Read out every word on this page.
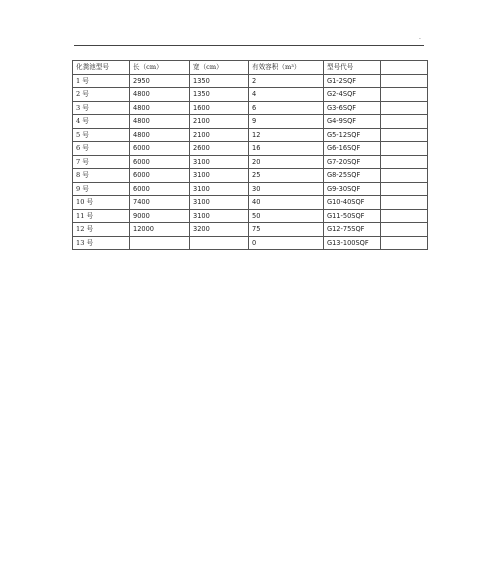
·
化粪池型号	长（cm）	宽（cm）	有效容积（m³）	型号代号	
1 号	2950	1350	2	G1-2SQF	
2 号	4800	1350	4	G2-4SQF	
3 号	4800	1600	6	G3-6SQF	
4 号	4800	2100	9	G4-9SQF	
5 号	4800	2100	12	G5-12SQF	
6 号	6000	2600	16	G6-16SQF	
7 号	6000	3100	20	G7-20SQF	
8 号	6000	3100	25	G8-25SQF	
9 号	6000	3100	30	G9-30SQF	
10 号	7400	3100	40	G10-40SQF	
11 号	9000	3100	50	G11-50SQF	
12 号	12000	3200	75	G12-75SQF	
13 号			0	G13-100SQF	
